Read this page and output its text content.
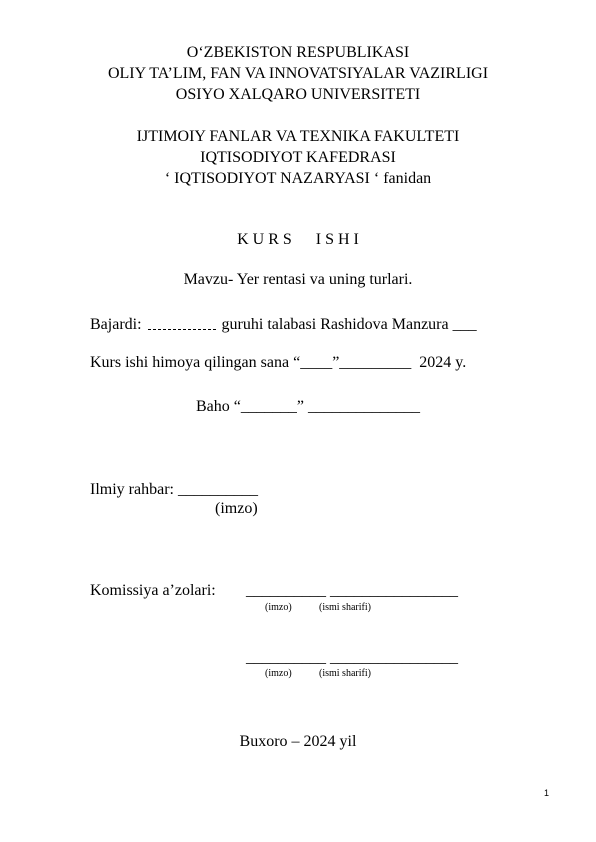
O‘ZBEKISTON RESPUBLIKASI
OLIY TA’LIM, FAN VA INNOVATSIYALAR VAZIRLIGI
OSIYO XALQARO UNIVERSITETI
IJTIMOIY FANLAR VA TEXNIKA FAKULTETI
IQTISODIYOT KAFEDRASI
‘ IQTISODIYOT NAZARYASI ‘ fanidan
K U R S      I S H I
Mavzu- Yer rentasi va uning turlari.
Bajardi:	guruhi talabasi Rashidova Manzura ___
Kurs ishi himoya qilingan sana “____”_________  2024 y.
Baho “_______” ______________
Ilmiy rahbar: __________
(imzo)
Komissiya a’zolari: __________ ________________
(imzo)	(ismi sharifi)
__________ ________________
(imzo)	(ismi sharifi)
Buxoro – 2024 yil
1
